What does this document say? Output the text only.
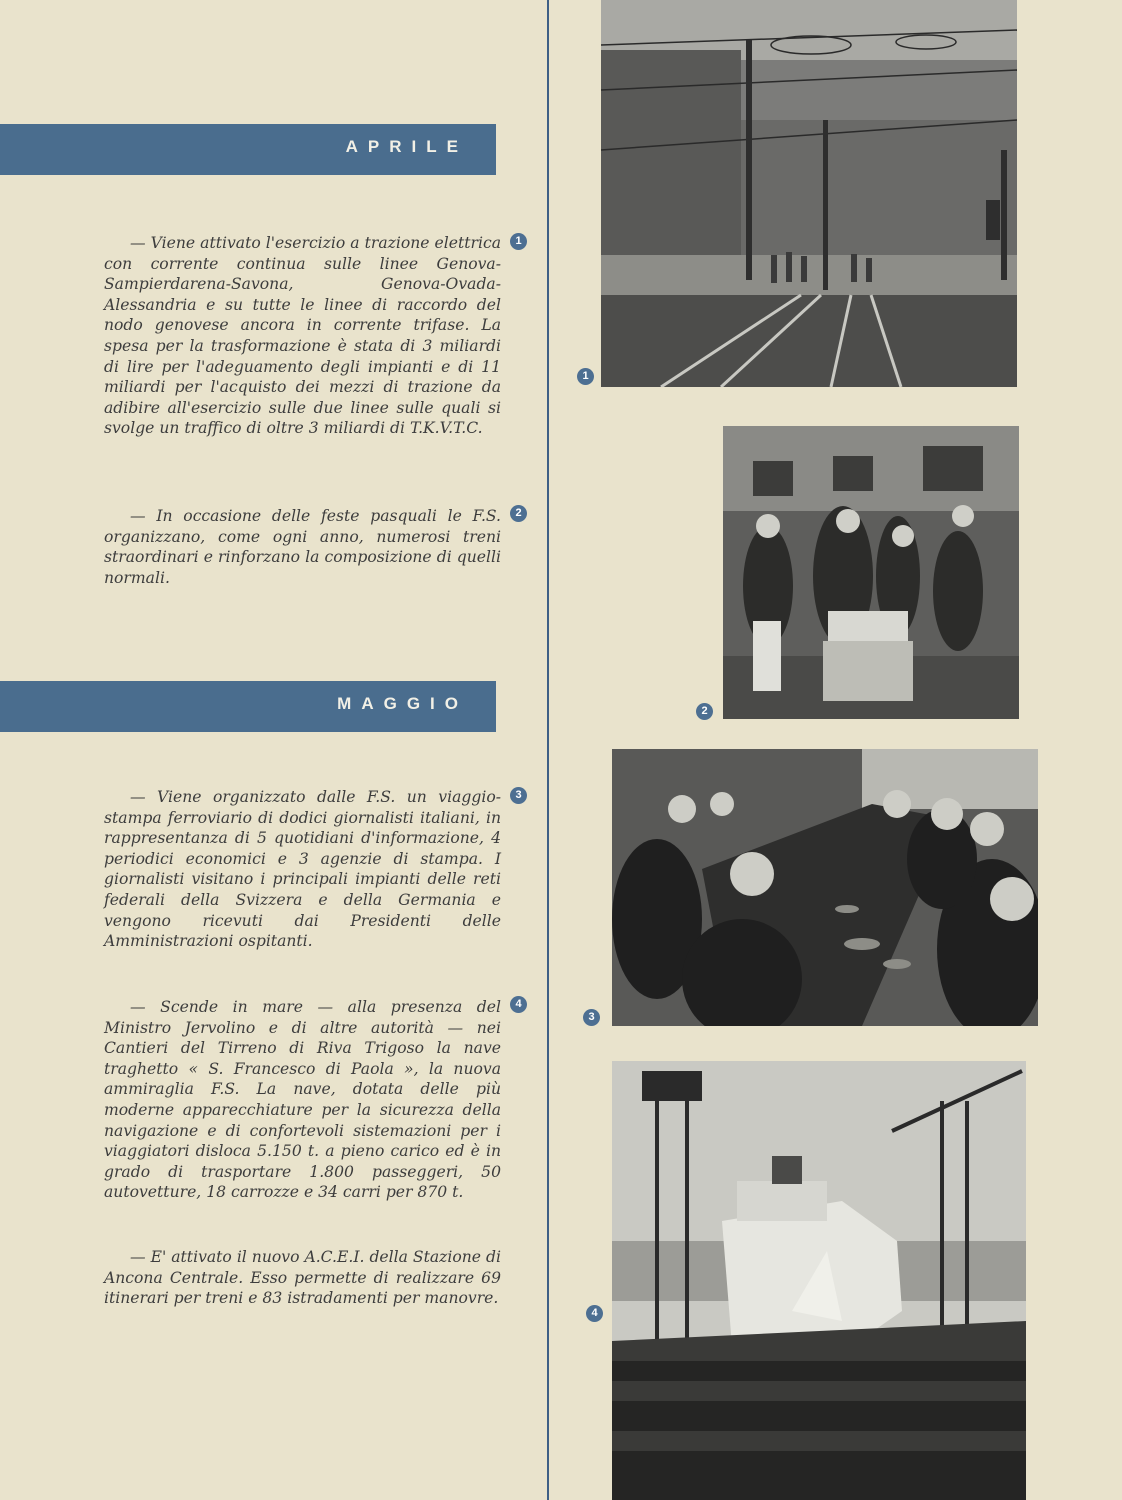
APRILE
MAGGIO

— Viene attivato l'esercizio a trazione elettrica con corrente continua sulle linee Genova-Sampierdarena-Savona, Genova-Ovada-Alessandria e su tutte le linee di raccordo del nodo genovese ancora in corrente trifase. La spesa per la trasformazione è stata di 3 miliardi di lire per l'adeguamento degli impianti e di 11 miliardi per l'acquisto dei mezzi di trazione da adibire all'esercizio sulle due linee sulle quali si svolge un traffico di oltre 3 miliardi di T.K.V.T.C.

1

— In occasione delle feste pasquali le F.S. organizzano, come ogni anno, numerosi treni straordinari e rinforzano la composizione di quelli normali.

2

— Viene organizzato dalle F.S. un viaggio-stampa ferroviario di dodici giornalisti italiani, in rappresentanza di 5 quotidiani d'informazione, 4 periodici economici e 3 agenzie di stampa. I giornalisti visitano i principali impianti delle reti federali della Svizzera e della Germania e vengono ricevuti dai Presidenti delle Amministrazioni ospitanti.

3

— Scende in mare — alla presenza del Ministro Jervolino e di altre autorità — nei Cantieri del Tirreno di Riva Trigoso la nave traghetto « S. Francesco di Paola », la nuova ammiraglia F.S. La nave, dotata delle più moderne apparecchiature per la sicurezza della navigazione e di confortevoli sistemazioni per i viaggiatori disloca 5.150 t. a pieno carico ed è in grado di trasportare 1.800 passeggeri, 50 autovetture, 18 carrozze e 34 carri per 870 t.

4

— E' attivato il nuovo A.C.E.I. della Stazione di Ancona Centrale. Esso permette di realizzare 69 itinerari per treni e 83 istradamenti per manovre.

1
2
3
4
